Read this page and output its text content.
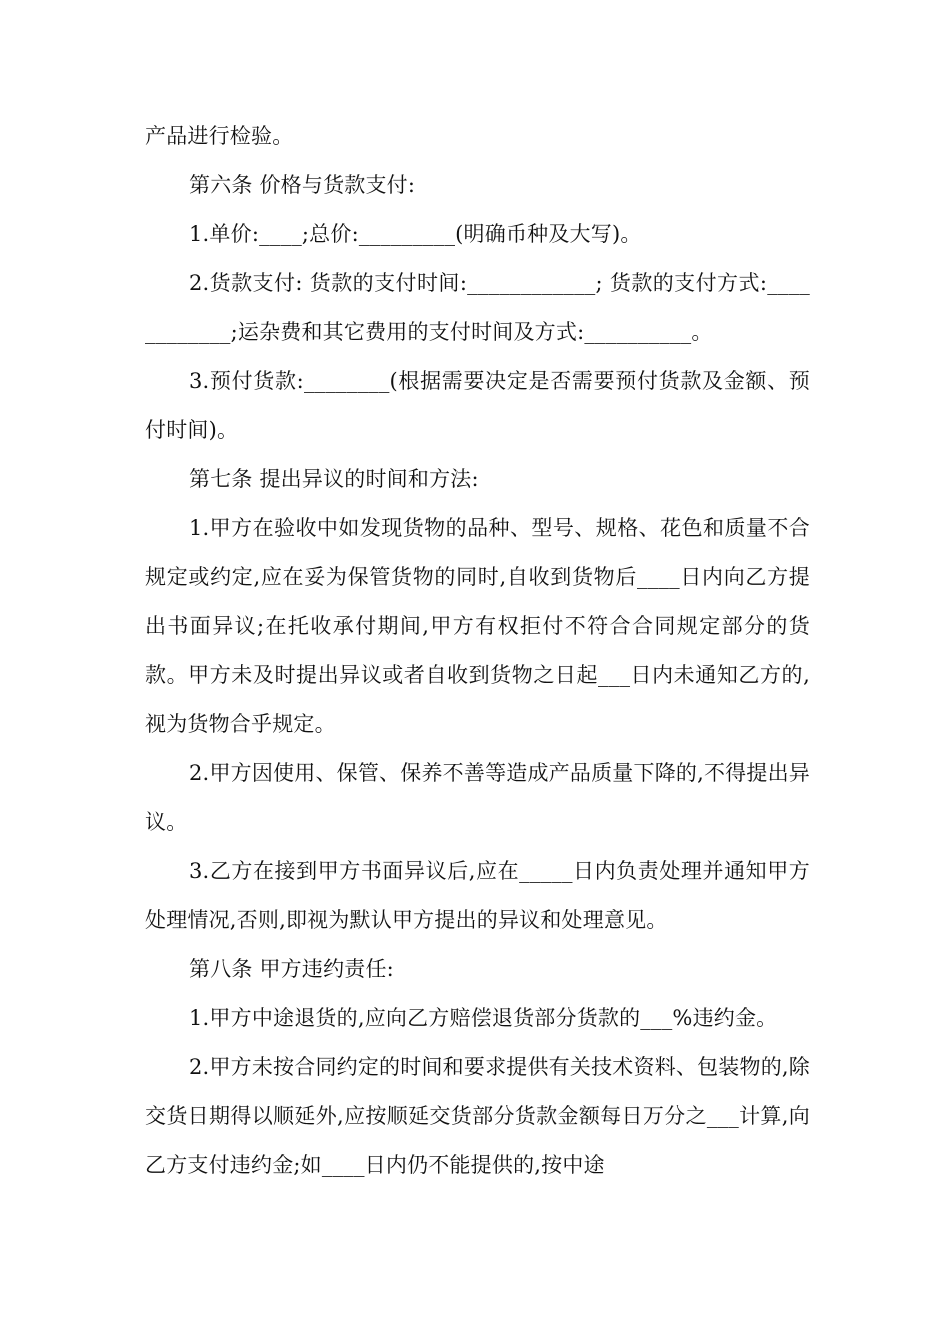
产品进行检验。

第六条 价格与货款支付:

1.单价:____;总价:_________(明确币种及大写)。

2.货款支付: 货款的支付时间:____________; 货款的支付方式:____________;运杂费和其它费用的支付时间及方式:__________。

3.预付货款:________(根据需要决定是否需要预付货款及金额、预付时间)。

第七条 提出异议的时间和方法:

1.甲方在验收中如发现货物的品种、型号、规格、花色和质量不合规定或约定,应在妥为保管货物的同时,自收到货物后____日内向乙方提出书面异议;在托收承付期间,甲方有权拒付不符合合同规定部分的货款。甲方未及时提出异议或者自收到货物之日起___日内未通知乙方的,视为货物合乎规定。

2.甲方因使用、保管、保养不善等造成产品质量下降的,不得提出异议。

3.乙方在接到甲方书面异议后,应在_____日内负责处理并通知甲方处理情况,否则,即视为默认甲方提出的异议和处理意见。

第八条 甲方违约责任:

1.甲方中途退货的,应向乙方赔偿退货部分货款的___%违约金。

2.甲方未按合同约定的时间和要求提供有关技术资料、包装物的,除交货日期得以顺延外,应按顺延交货部分货款金额每日万分之___计算,向乙方支付违约金;如____日内仍不能提供的,按中途
